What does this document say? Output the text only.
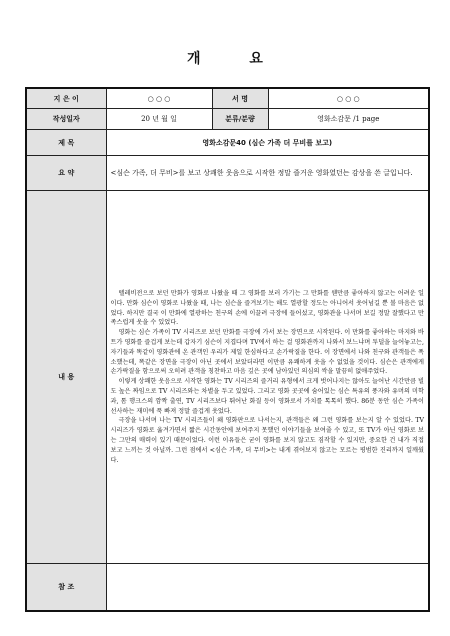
개 요
지 은 이	○ ○ ○	서 명	○ ○ ○
작성일자	20 년 월 일	분류/분량	영화소감문 /1 page
제 목	영화소감문40 (심슨 가족 더 무비를 보고)		
요 약	<심슨 가족, 더 무비>를 보고 상쾌한 웃음으로 시작한 정말 즐거운 영화였던는 감상을 쓴 글입니다.		
내 용	텔레비전으로 보던 만화가 영화로 나왔을 때 그 영화를 보러 가기는 그 만화를 웬만큼 좋아하지 않고는 어려운 일이다. 만화 심슨이 영화로 나왔을 때, 나는 심슨을 즐겨보기는 해도 열광할 정도는 아니어서 웃어넘길 뿐 볼 마음은 없었다. 하지만 결국 이 만화에 열광하는 친구의 손에 이끌려 극장에 들어섰고, 영화관을 나서며 보길 정말 잘했다고 만족스럽게 웃을 수 있었다.

영화는 심슨 가족이 TV 시리즈로 보던 만화를 극장에 가서 보는 장면으로 시작된다. 이 만화를 좋아하는 마지와 바트가 영화를 즐겁게 보는데 갑자기 심슨이 지겹다며 TV에서 하는 걸 영화관까지 나와서 보느냐며 투덜을 늘어놓고는, 자기들과 똑같이 영화관에 온 관객인 우리가 제일 한심하다고 손가락질을 한다. 이 장면에서 나와 친구와 관객들은 폭소했는데, 똑같은 장면을 극장이 아닌 곳에서 보았더라면 이만큼 유쾌하게 웃을 수 없었을 것이다. 심슨은 관객에게 손가락질을 함으로써 오히려 관객을 칭찬하고 마음 깊은 곳에 남아있던 의심의 싹을 말끔히 없애주었다.

이렇게 상쾌한 웃음으로 시작한 영화는 TV 시리즈의 즐거리 유형에서 크게 벗어나지는 않아도 늘어난 시간만큼 빌도 높은 짜임으로 TV 시리즈와는 차별을 두고 있었다. 그리고 영화 곳곳에 숨어있는 심슨 특유의 풍자와 유머의 미학과, 톰 행크스의 깜짝 출연, TV 시리즈보다 뛰어난 화질 등이 영화로서 가치를 톡톡히 했다. 86분 동안 심슨 가족이 선사하는 재미에 푹 빠져 정말 즐겁게 웃었다.

극장을 나서며 나는 TV 시리즈들이 왜 영화판으로 나서는지, 관객들은 왜 그런 영화를 보는지 알 수 있었다. TV 시리즈가 영화로 옮겨가면서 짧은 시간동안에 보여주지 못했던 이야기들을 보여줄 수 있고, 또 TV가 아닌 영화로 보는 그만의 매력이 있기 때문이었다. 이런 이유들은 굳이 영화를 보지 않고도 짐작할 수 있지만, 중요한 건 내가 직접 보고 느끼는 것 아닐까. 그런 점에서 <심슨 가족, 더 무비>는 내게 겪어보지 않고는 모르는 평범한 진리까지 일깨웠다.		

참 조			
